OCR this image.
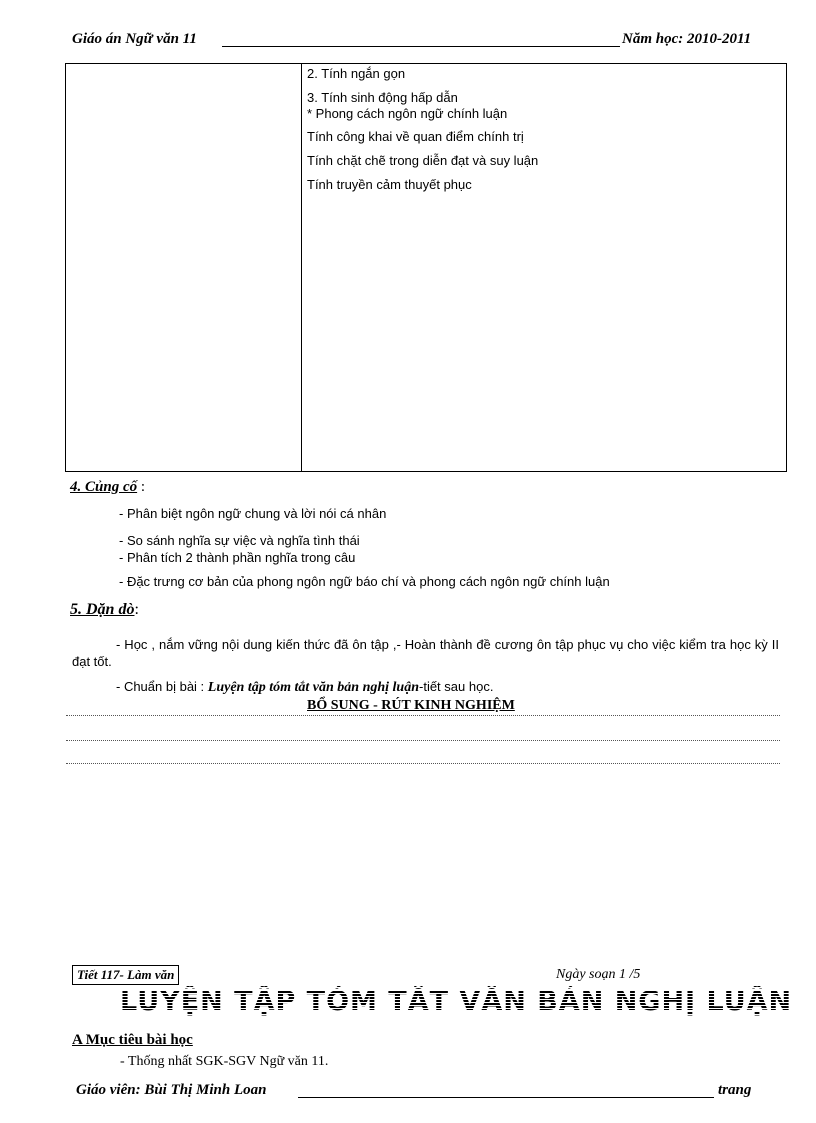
Giáo án Ngữ văn 11	Năm học: 2010-2011
2. Tính ngắn gọn
3. Tính sinh động hấp dẫn
* Phong cách ngôn ngữ chính luận
Tính công khai về quan điểm chính trị
Tính chặt chẽ trong diễn đạt và suy luận
Tính truyền cảm thuyết phục
4. Củng cố :
- Phân biệt ngôn ngữ chung và lời nói cá nhân
- So sánh nghĩa sự việc và nghĩa tình thái
- Phân tích 2 thành phần nghĩa trong câu
- Đặc trưng cơ bản của phong ngôn ngữ báo chí và phong cách ngôn ngữ chính luận
5. Dặn dò:
- Học , nắm vững nội dung kiến thức đã ôn tập ,- Hoàn thành đề cương ôn tập phục vụ cho việc kiểm tra học kỳ II đạt tốt.
- Chuẩn bị bài : Luyện tập tóm tắt văn bản nghị luận-tiết sau học.
BỔ SUNG - RÚT KINH NGHIỆM
Tiết 117- Làm văn	Ngày soạn 1 /5
LUYỆN TẬP TÓM TẮT VĂN BẢN NGHỊ LUẬN
A Mục tiêu bài học
- Thống nhất SGK-SGV Ngữ văn 11.
Giáo viên: Bùi Thị Minh Loan	trang
